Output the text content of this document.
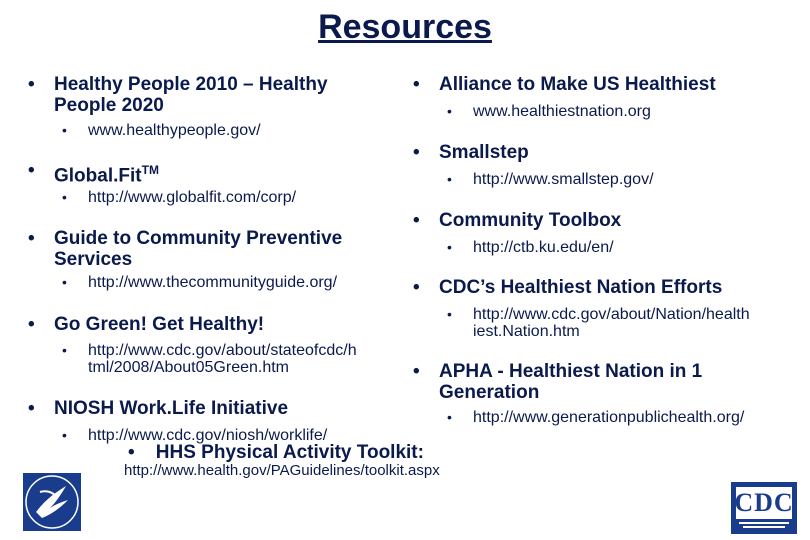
Resources
• Healthy People 2010 – Healthy
People 2020
• www.healthypeople.gov/
• Global.Fit™
• http://www.globalfit.com/corp/
• Guide to Community Preventive
Services
• http://www.thecommunityguide.org/
• Go Green! Get Healthy!
• http://www.cdc.gov/about/stateofcdc/h
tml/2008/About05Green.htm
• NIOSH Work.Life Initiative
• http://www.cdc.gov/niosh/worklife/
• Alliance to Make US Healthiest
• www.healthiestnation.org
• Smallstep
• http://www.smallstep.gov/
• Community Toolbox
• http://ctb.ku.edu/en/
• CDC’s Healthiest Nation Efforts
• http://www.cdc.gov/about/Nation/health
iest.Nation.htm
• APHA - Healthiest Nation in 1
Generation
• http://www.generationpublichealth.org/
• HHS Physical Activity Toolkit:
http://www.health.gov/PAGuidelines/toolkit.aspx
CDC
